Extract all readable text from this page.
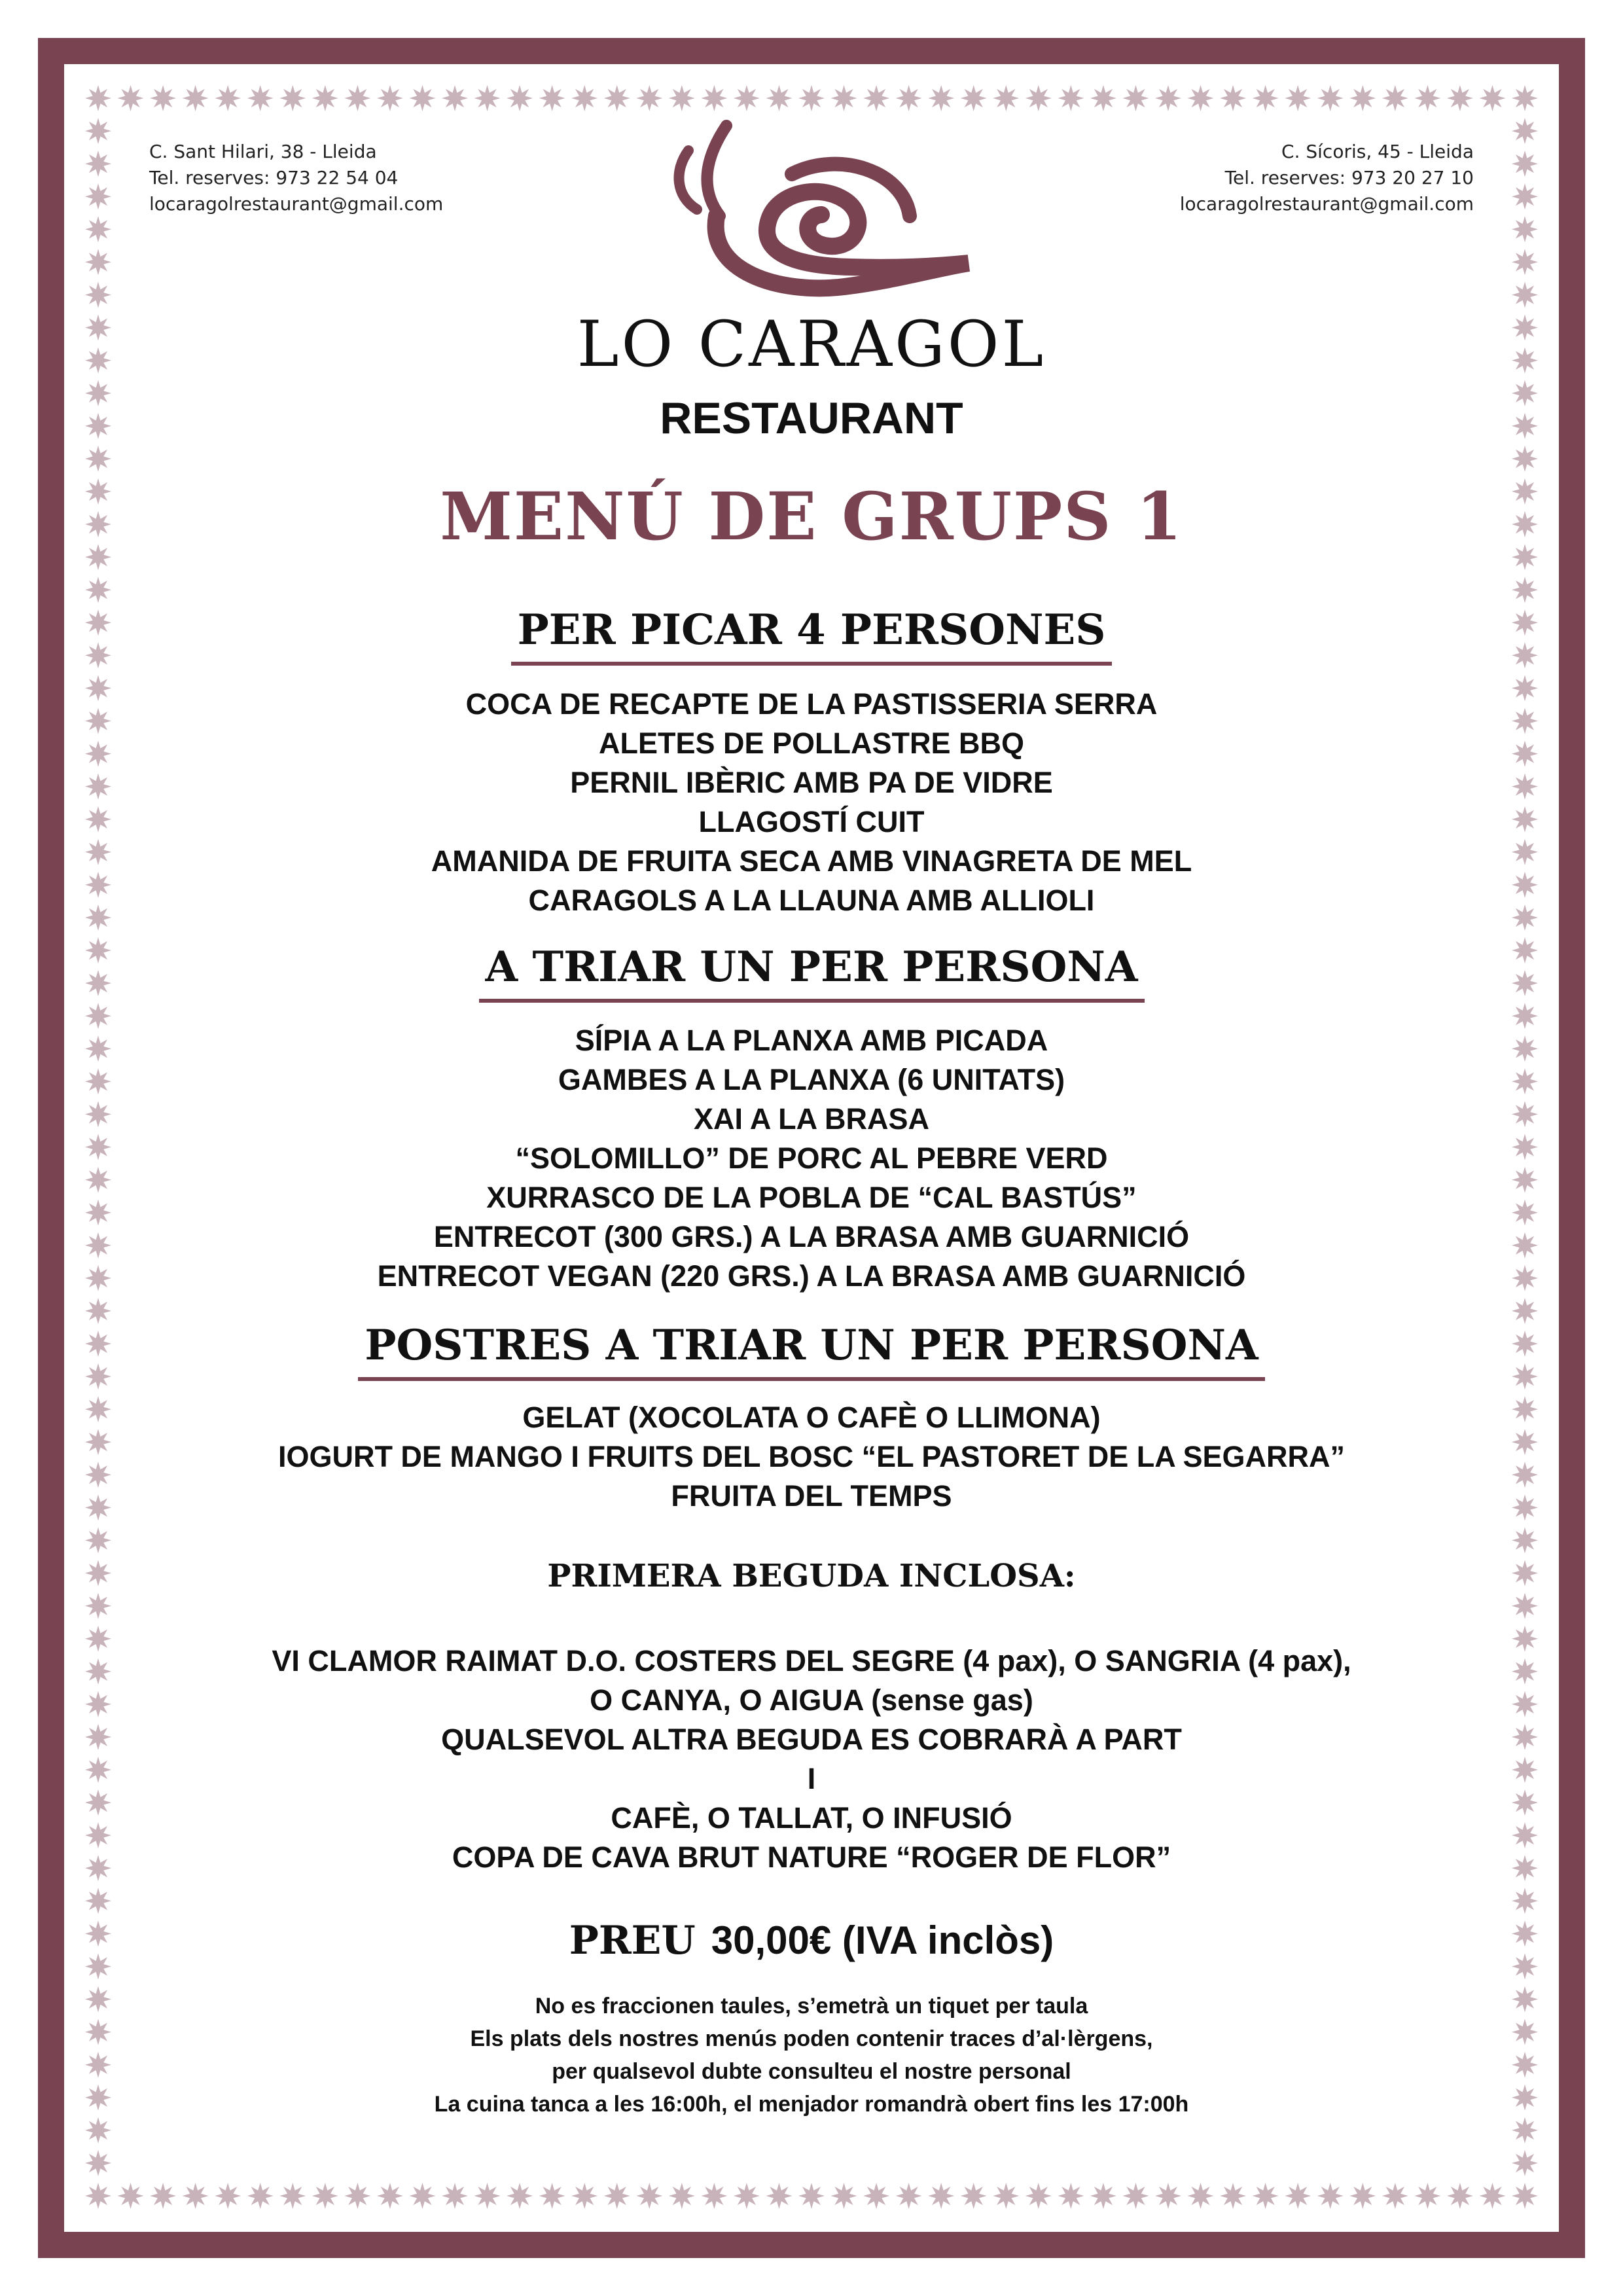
C. Sant Hilari, 38 - Lleida
Tel. reserves: 973 22 54 04
locaragolrestaurant@gmail.com
C. Sícoris, 45 - Lleida
Tel. reserves: 973 20 27 10
locaragolrestaurant@gmail.com
LO CARAGOL
RESTAURANT
MENÚ DE GRUPS 1
PER PICAR 4 PERSONES
COCA DE RECAPTE DE LA PASTISSERIA SERRA
ALETES DE POLLASTRE BBQ
PERNIL IBÈRIC AMB PA DE VIDRE
LLAGOSTÍ CUIT
AMANIDA DE FRUITA SECA AMB VINAGRETA DE MEL
CARAGOLS A LA LLAUNA AMB ALLIOLI
A TRIAR UN PER PERSONA
SÍPIA A LA PLANXA AMB PICADA
GAMBES A LA PLANXA (6 UNITATS)
XAI A LA BRASA
“SOLOMILLO” DE PORC AL PEBRE VERD
XURRASCO DE LA POBLA DE “CAL BASTÚS”
ENTRECOT (300 GRS.) A LA BRASA AMB GUARNICIÓ
ENTRECOT VEGAN (220 GRS.) A LA BRASA AMB GUARNICIÓ
POSTRES A TRIAR UN PER PERSONA
GELAT (XOCOLATA O CAFÈ O LLIMONA)
IOGURT DE MANGO I FRUITS DEL BOSC “EL PASTORET DE LA SEGARRA”
FRUITA DEL TEMPS
PRIMERA BEGUDA INCLOSA:
VI CLAMOR RAIMAT D.O. COSTERS DEL SEGRE (4 pax), O SANGRIA (4 pax),
O CANYA, O AIGUA (sense gas)
QUALSEVOL ALTRA BEGUDA ES COBRARÀ A PART
I
CAFÈ, O TALLAT, O INFUSIÓ
COPA DE CAVA BRUT NATURE “ROGER DE FLOR”
PREU 30,00€ (IVA inclòs)
No es fraccionen taules, s’emetrà un tiquet per taula
Els plats dels nostres menús poden contenir traces d’al·lèrgens,
per qualsevol dubte consulteu el nostre personal
La cuina tanca a les 16:00h, el menjador romandrà obert fins les 17:00h
